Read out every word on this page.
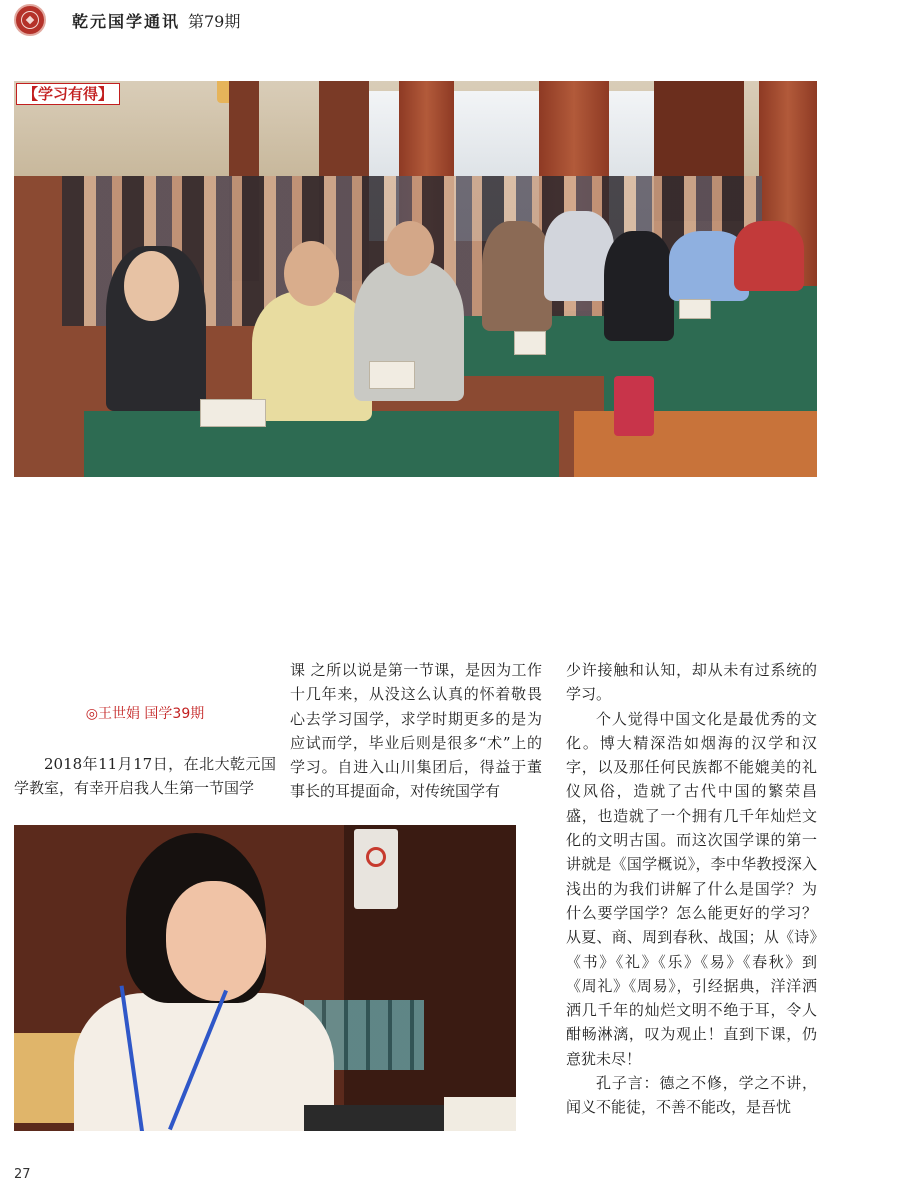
乾元国学通讯 第79期
【学习有得】
◎王世娟 国学39期

2018年11月17日，在北大乾元国学教室，有幸开启我人生第一节国学

课 之所以说是第一节课，是因为工作十几年来，从没这么认真的怀着敬畏心去学习国学，求学时期更多的是为应试而学，毕业后则是很多“术”上的学习。自进入山川集团后，得益于董事长的耳提面命，对传统国学有

少许接触和认知，却从未有过系统的学习。

个人觉得中国文化是最优秀的文化。博大精深浩如烟海的汉学和汉字，以及那任何民族都不能媲美的礼仪风俗，造就了古代中国的繁荣昌盛，也造就了一个拥有几千年灿烂文化的文明古国。而这次国学课的第一讲就是《国学概说》，李中华教授深入浅出的为我们讲解了什么是国学？为什么要学国学？怎么能更好的学习？从夏、商、周到春秋、战国；从《诗》《书》《礼》《乐》《易》《春秋》到《周礼》《周易》，引经据典，洋洋洒洒几千年的灿烂文明不绝于耳，令人酣畅淋漓，叹为观止！直到下课，仍意犹未尽！

孔子言：德之不修，学之不讲，闻义不能徒，不善不能改，是吾忧

27
